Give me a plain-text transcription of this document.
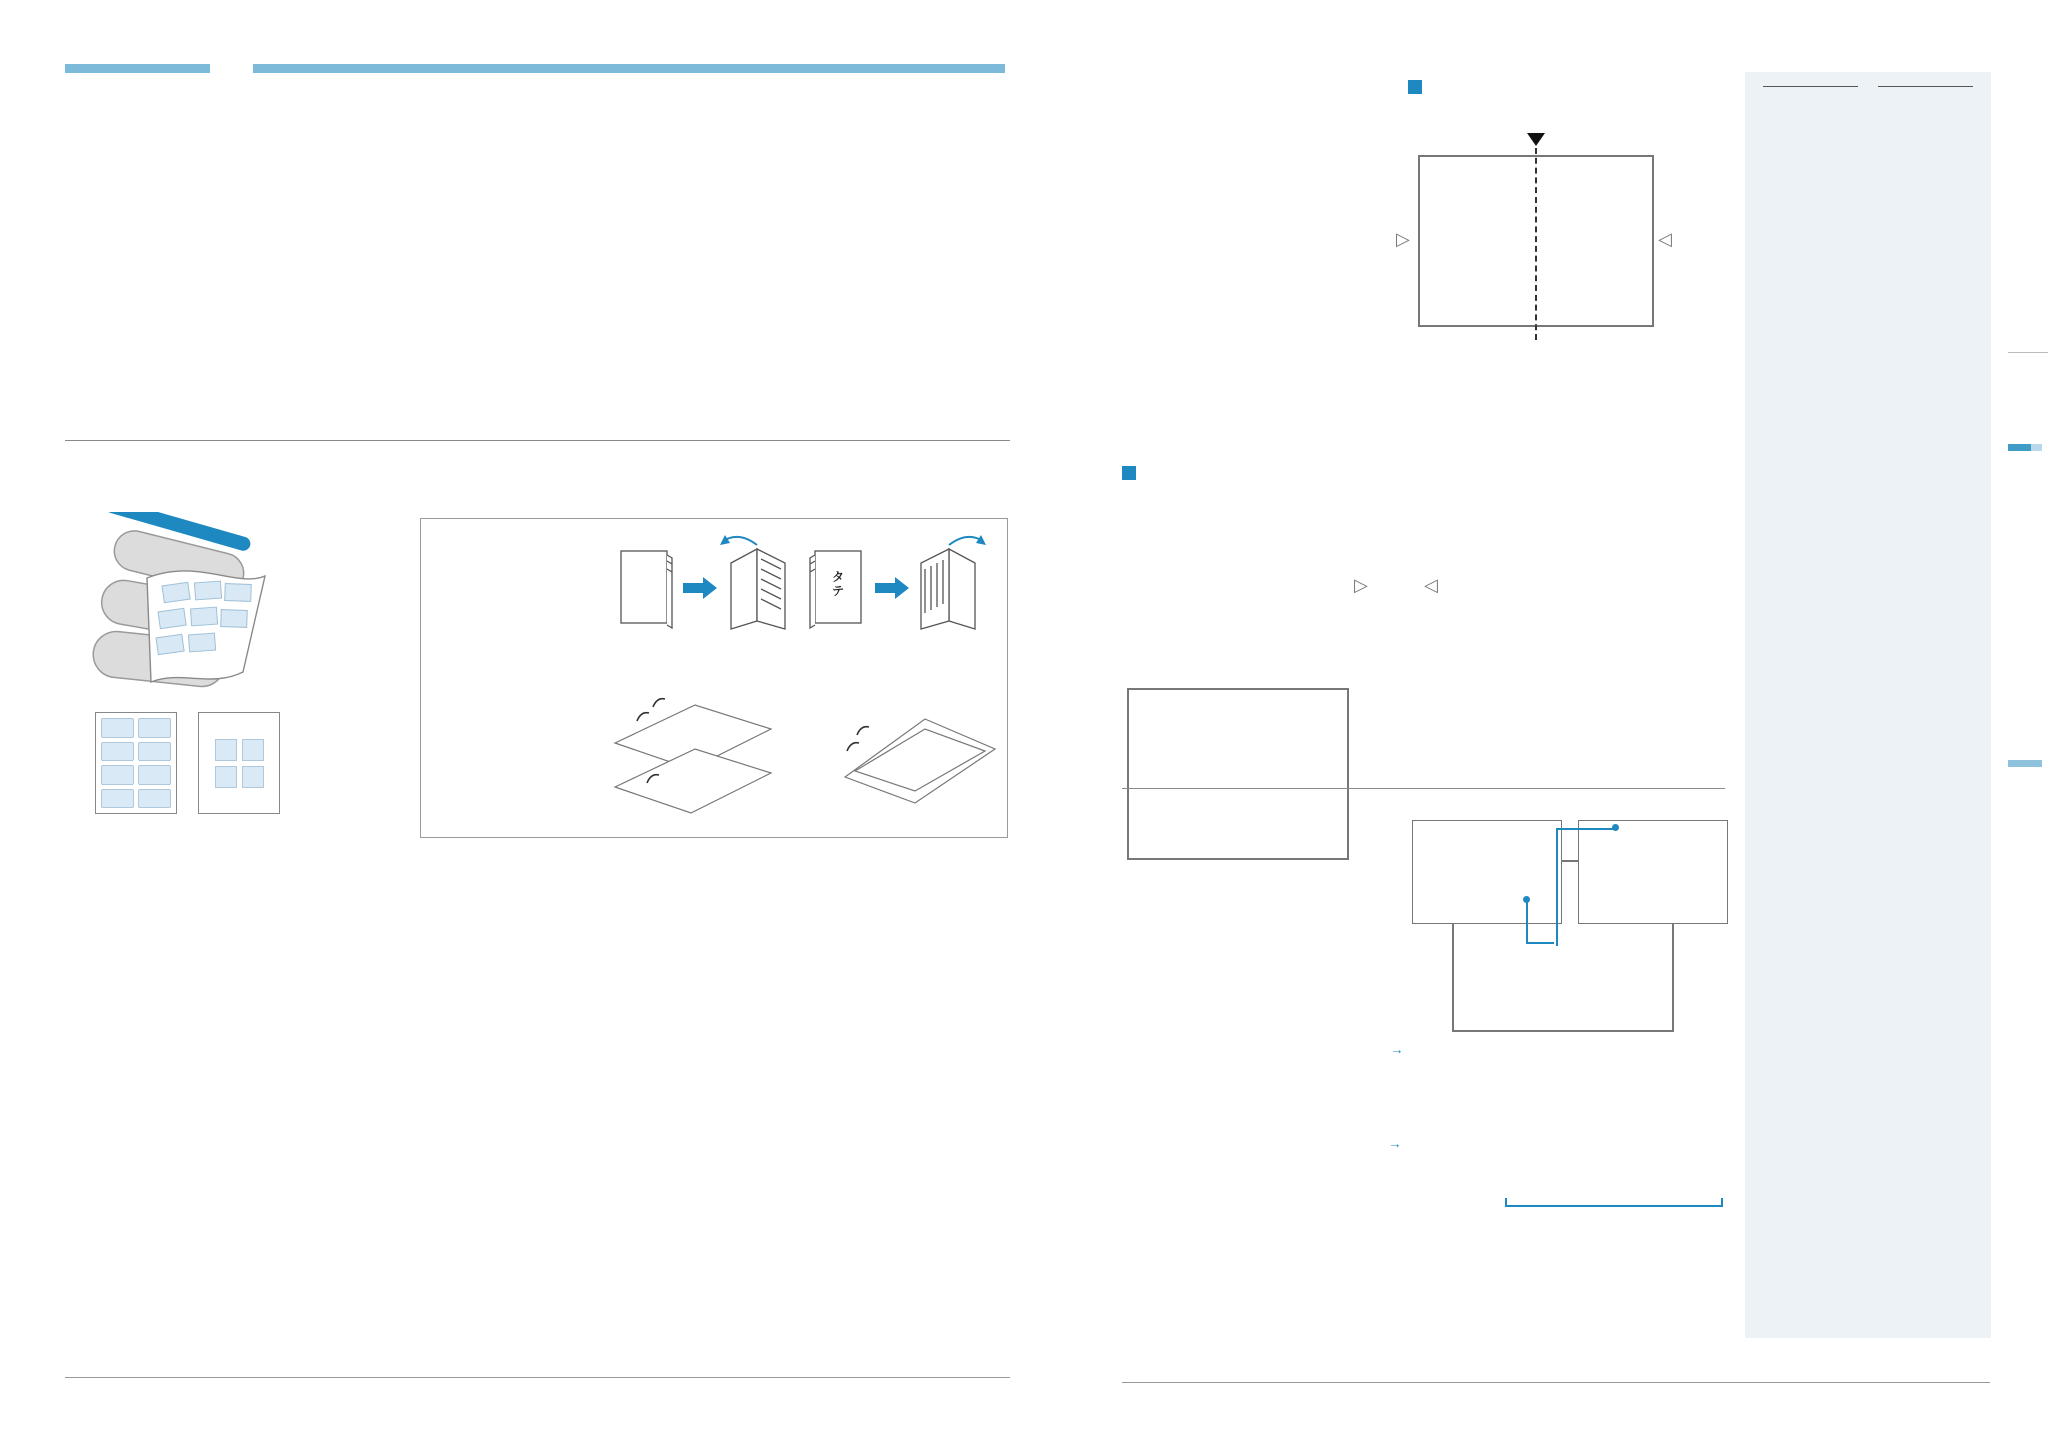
タテ
▷	◁
▷	◁

→
→
